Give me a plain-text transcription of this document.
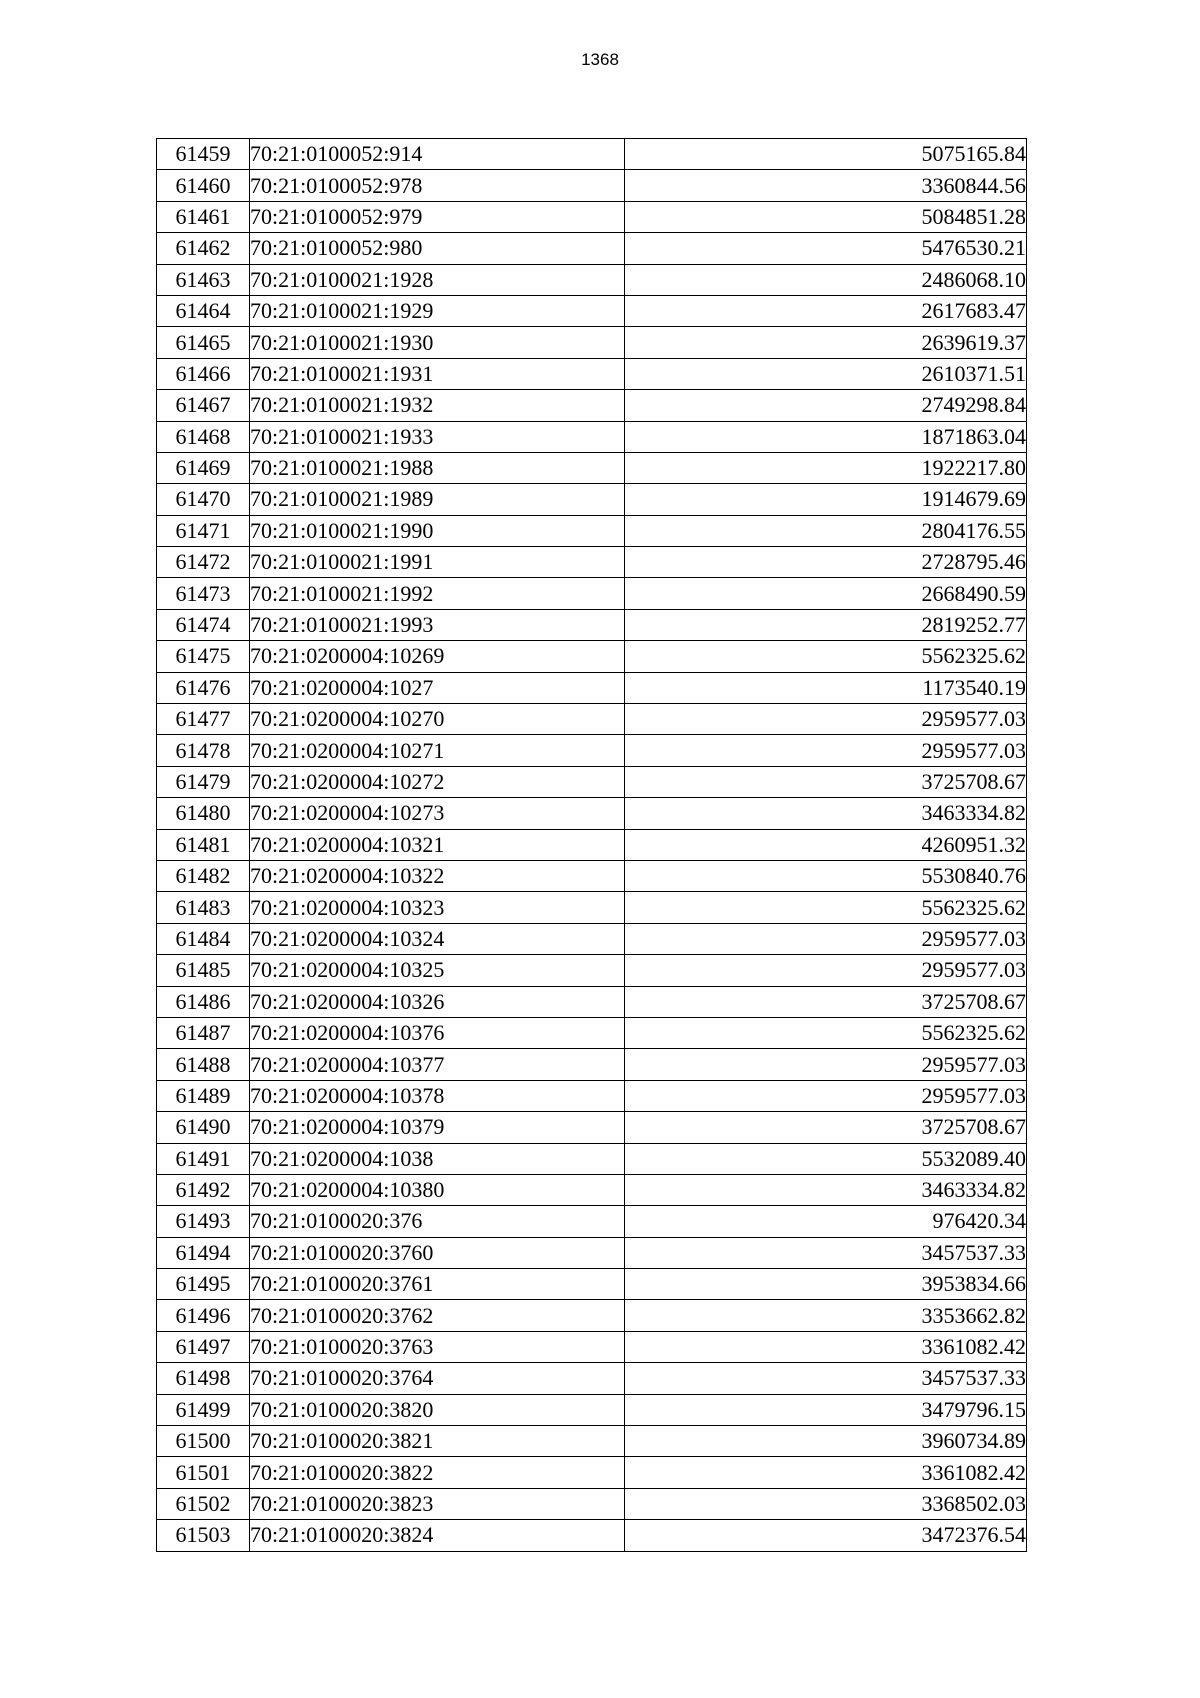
1368
61459	70:21:0100052:914	5075165.84
61460	70:21:0100052:978	3360844.56
61461	70:21:0100052:979	5084851.28
61462	70:21:0100052:980	5476530.21
61463	70:21:0100021:1928	2486068.10
61464	70:21:0100021:1929	2617683.47
61465	70:21:0100021:1930	2639619.37
61466	70:21:0100021:1931	2610371.51
61467	70:21:0100021:1932	2749298.84
61468	70:21:0100021:1933	1871863.04
61469	70:21:0100021:1988	1922217.80
61470	70:21:0100021:1989	1914679.69
61471	70:21:0100021:1990	2804176.55
61472	70:21:0100021:1991	2728795.46
61473	70:21:0100021:1992	2668490.59
61474	70:21:0100021:1993	2819252.77
61475	70:21:0200004:10269	5562325.62
61476	70:21:0200004:1027	1173540.19
61477	70:21:0200004:10270	2959577.03
61478	70:21:0200004:10271	2959577.03
61479	70:21:0200004:10272	3725708.67
61480	70:21:0200004:10273	3463334.82
61481	70:21:0200004:10321	4260951.32
61482	70:21:0200004:10322	5530840.76
61483	70:21:0200004:10323	5562325.62
61484	70:21:0200004:10324	2959577.03
61485	70:21:0200004:10325	2959577.03
61486	70:21:0200004:10326	3725708.67
61487	70:21:0200004:10376	5562325.62
61488	70:21:0200004:10377	2959577.03
61489	70:21:0200004:10378	2959577.03
61490	70:21:0200004:10379	3725708.67
61491	70:21:0200004:1038	5532089.40
61492	70:21:0200004:10380	3463334.82
61493	70:21:0100020:376	976420.34
61494	70:21:0100020:3760	3457537.33
61495	70:21:0100020:3761	3953834.66
61496	70:21:0100020:3762	3353662.82
61497	70:21:0100020:3763	3361082.42
61498	70:21:0100020:3764	3457537.33
61499	70:21:0100020:3820	3479796.15
61500	70:21:0100020:3821	3960734.89
61501	70:21:0100020:3822	3361082.42
61502	70:21:0100020:3823	3368502.03
61503	70:21:0100020:3824	3472376.54
